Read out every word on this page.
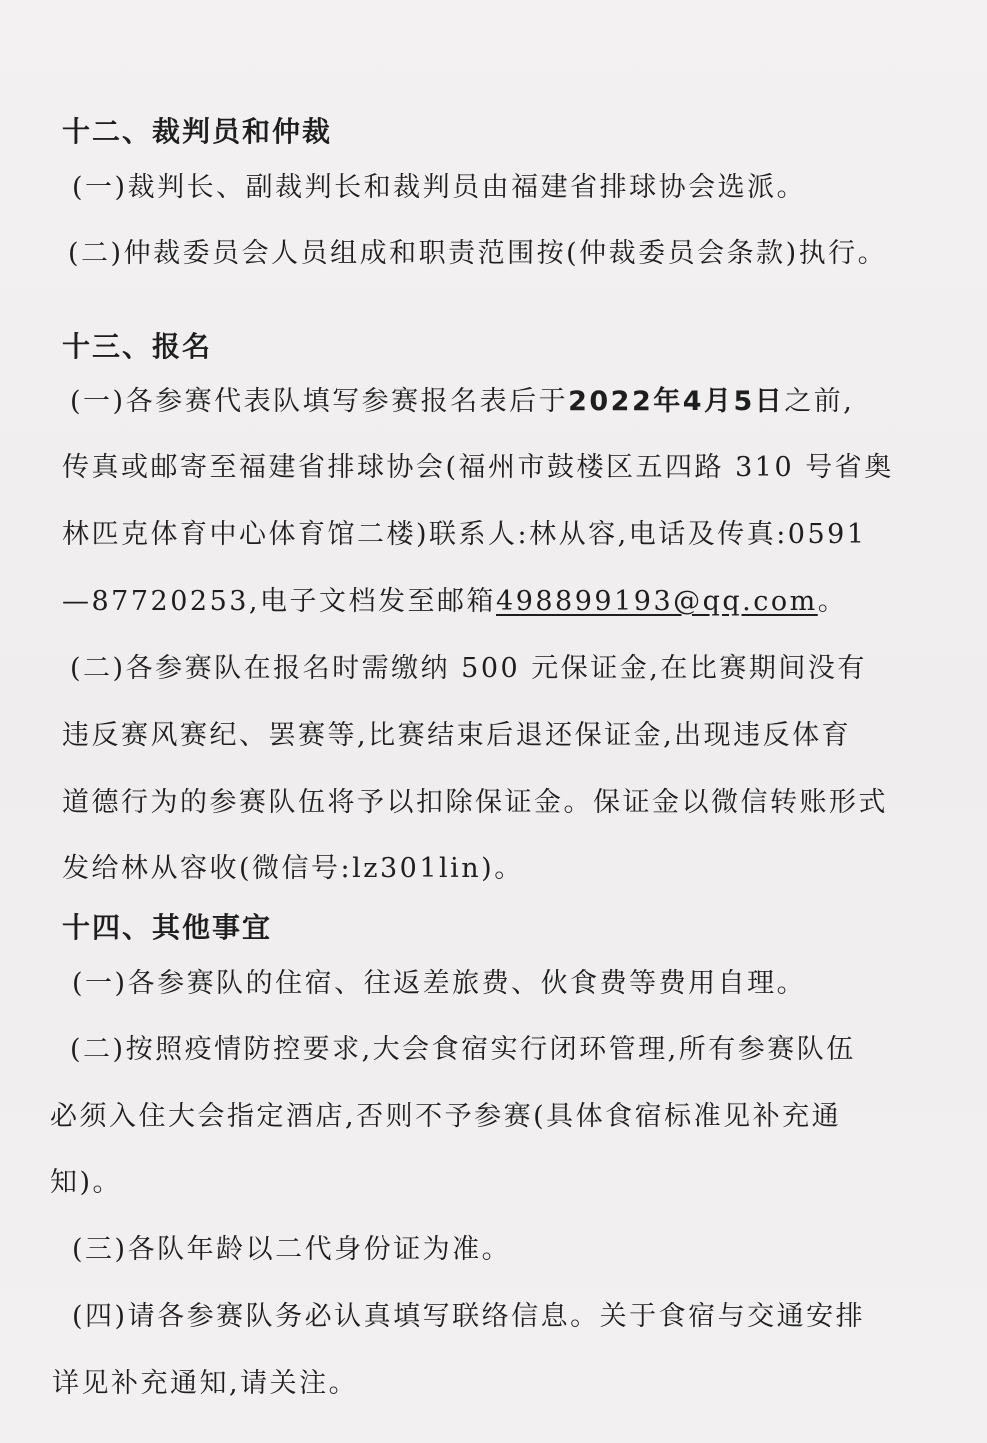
十二、裁判员和仲裁
(一)裁判长、副裁判长和裁判员由福建省排球协会选派。
(二)仲裁委员会人员组成和职责范围按(仲裁委员会条款)执行。
十三、报名
(一)各参赛代表队填写参赛报名表后于2022年4月5日之前,
传真或邮寄至福建省排球协会(福州市鼓楼区五四路 310 号省奥
林匹克体育中心体育馆二楼)联系人:林从容,电话及传真:0591
—87720253,电子文档发至邮箱498899193@qq.com。
(二)各参赛队在报名时需缴纳 500 元保证金,在比赛期间没有
违反赛风赛纪、罢赛等,比赛结束后退还保证金,出现违反体育
道德行为的参赛队伍将予以扣除保证金。保证金以微信转账形式
发给林从容收(微信号:lz301lin)。
十四、其他事宜
(一)各参赛队的住宿、往返差旅费、伙食费等费用自理。
(二)按照疫情防控要求,大会食宿实行闭环管理,所有参赛队伍
必须入住大会指定酒店,否则不予参赛(具体食宿标准见补充通
知)。
(三)各队年龄以二代身份证为准。
(四)请各参赛队务必认真填写联络信息。关于食宿与交通安排
详见补充通知,请关注。
